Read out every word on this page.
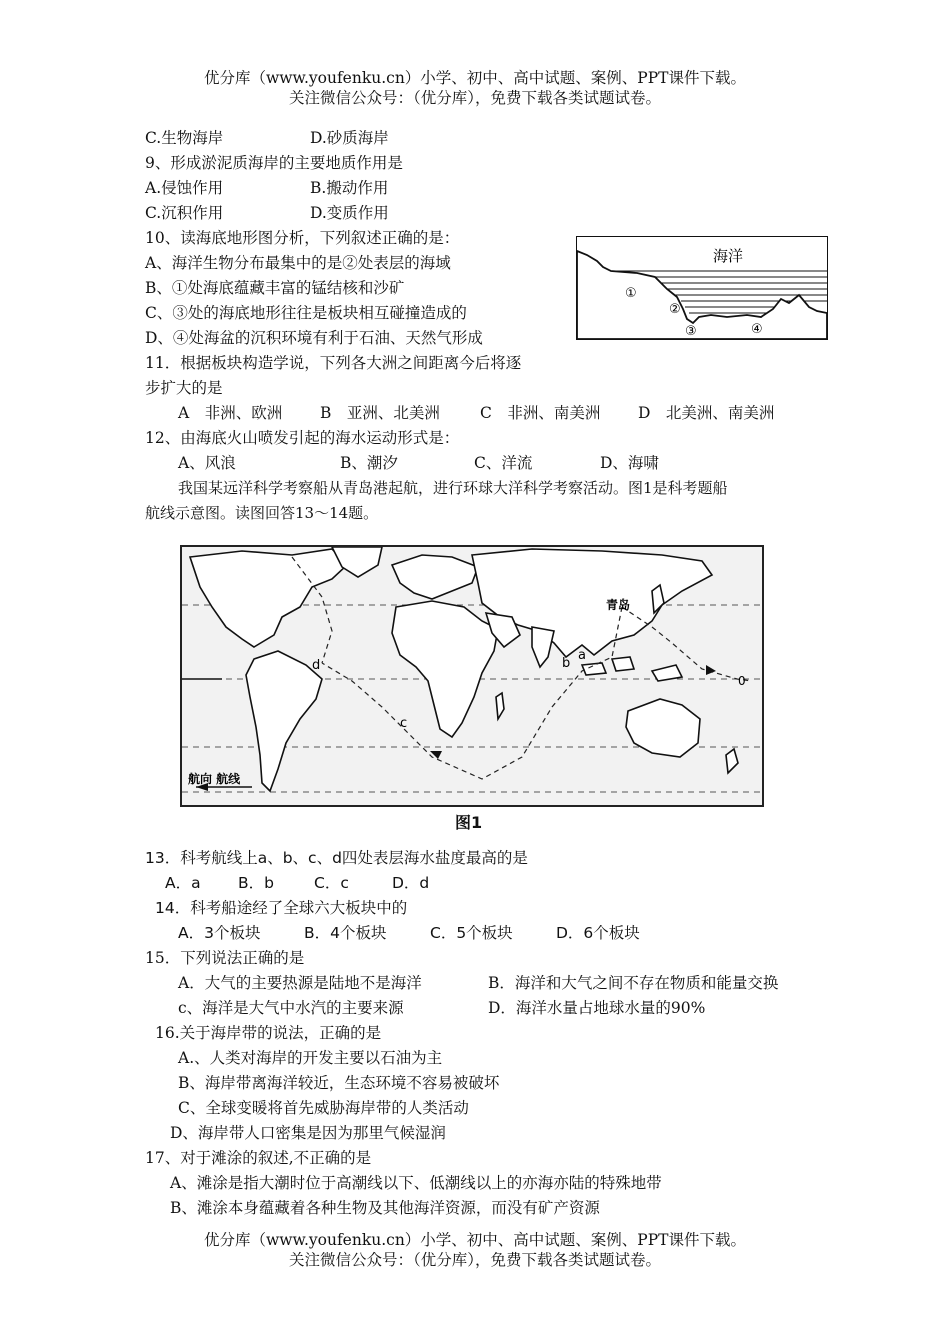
优分库（www.youfenku.cn）小学、初中、高中试题、案例、PPT课件下载。
关注微信公众号：（优分库），免费下载各类试题试卷。
C.生物海岸	D.砂质海岸
9、形成淤泥质海岸的主要地质作用是
A.侵蚀作用	B.搬动作用
C.沉积作用	D.变质作用
10、读海底地形图分析，下列叙述正确的是：
A、海洋生物分布最集中的是②处表层的海域
B、①处海底蕴藏丰富的锰结核和沙矿
C、③处的海底地形往往是板块相互碰撞造成的
D、④处海盆的沉积环境有利于石油、天然气形成
海洋
①
②
③	④
11．根据板块构造学说，下列各大洲之间距离今后将逐
步扩大的是
A　非洲、欧洲 B　亚洲、北美洲	C　非洲、南美洲 D　北美洲、南美洲
12、由海底火山喷发引起的海水运动形式是：
A、风浪	B、潮汐	C、洋流	D、海啸
我国某远洋科学考察船从青岛港起航，进行环球大洋科学考察活动。图1是科考题船
航线示意图。读图回答13～14题。
青岛
a
b
c
d
0
航向 航线
图1
13．科考航线上a、b、c、d四处表层海水盐度最高的是
A．a B．b	C．c	D．d
14．科考船途经了全球六大板块中的
A．3个板块	B．4个板块	C．5个板块	D．6个板块
15．下列说法正确的是
A．大气的主要热源是陆地不是海洋	B．海洋和大气之间不存在物质和能量交换
c、海洋是大气中水汽的主要来源	D．海洋水量占地球水量的90%
16.关于海岸带的说法，正确的是
A.、人类对海岸的开发主要以石油为主
B、海岸带离海洋较近，生态环境不容易被破坏
C、全球变暖将首先威胁海岸带的人类活动
D、海岸带人口密集是因为那里气候湿润
17、对于滩涂的叙述,不正确的是
A、滩涂是指大潮时位于高潮线以下、低潮线以上的亦海亦陆的特殊地带
B、滩涂本身蕴藏着各种生物及其他海洋资源，而没有矿产资源
优分库（www.youfenku.cn）小学、初中、高中试题、案例、PPT课件下载。
关注微信公众号：（优分库），免费下载各类试题试卷。
